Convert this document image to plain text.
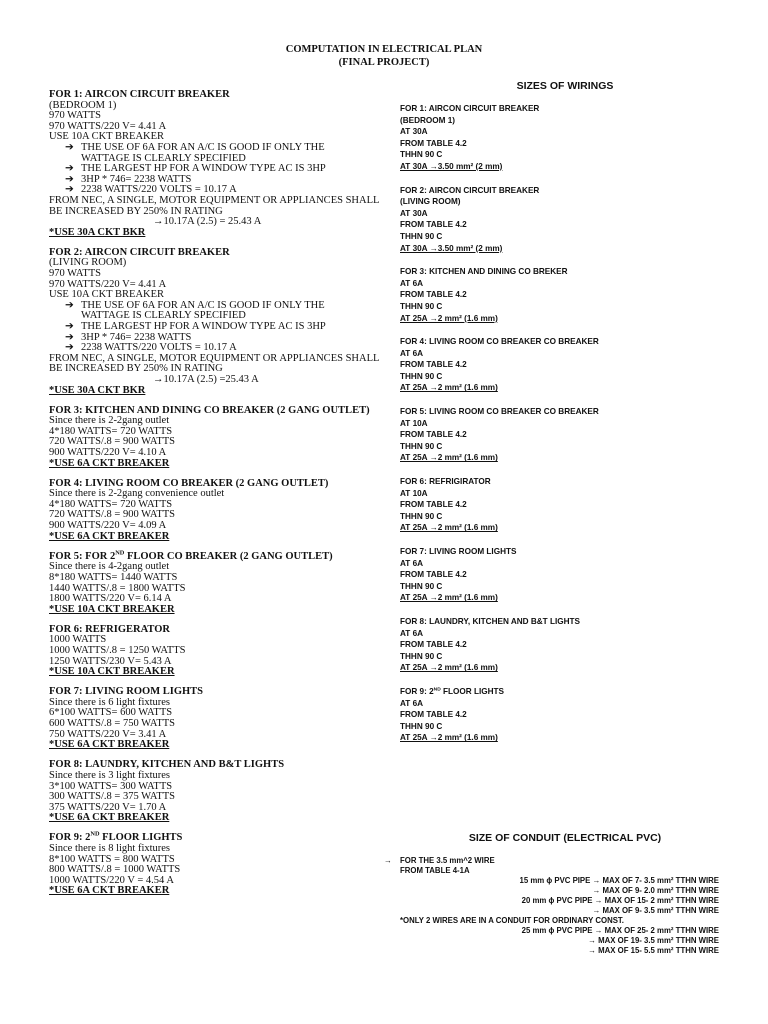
COMPUTATION IN ELECTRICAL PLAN
(FINAL PROJECT)
FOR 1: AIRCON CIRCUIT BREAKER
(BEDROOM 1)
970 WATTS
970 WATTS/220 V= 4.41 A
USE 10A CKT BREAKER
➔ THE USE OF 6A FOR AN A/C IS GOOD IF ONLY THE
WATTAGE IS CLEARLY SPECIFIED
➔ THE LARGEST HP FOR A WINDOW TYPE AC IS 3HP
➔ 3HP * 746= 2238 WATTS
➔ 2238 WATTS/220 VOLTS = 10.17 A
FROM NEC, A SINGLE, MOTOR EQUIPMENT OR APPLIANCES SHALL
BE INCREASED BY 250% IN RATING
→10.17A (2.5) = 25.43 A
*USE 30A CKT BKR
FOR 2: AIRCON CIRCUIT BREAKER
(LIVING ROOM)
970 WATTS
970 WATTS/220 V= 4.41 A
USE 10A CKT BREAKER
➔ THE USE OF 6A FOR AN A/C IS GOOD IF ONLY THE
WATTAGE IS CLEARLY SPECIFIED
➔ THE LARGEST HP FOR A WINDOW TYPE AC IS 3HP
➔ 3HP * 746= 2238 WATTS
➔ 2238 WATTS/220 VOLTS = 10.17 A
FROM NEC, A SINGLE, MOTOR EQUIPMENT OR APPLIANCES SHALL
BE INCREASED BY 250% IN RATING
→10.17A (2.5) =25.43 A
*USE 30A CKT BKR
FOR 3: KITCHEN AND DINING CO BREAKER (2 GANG OUTLET)
Since there is 2-2gang outlet
4*180 WATTS= 720 WATTS
720 WATTS/.8 = 900 WATTS
900 WATTS/220 V= 4.10 A
*USE 6A CKT BREAKER
FOR 4: LIVING ROOM CO BREAKER (2 GANG OUTLET)
Since there is 2-2gang convenience outlet
4*180 WATTS= 720 WATTS
720 WATTS/.8 = 900 WATTS
900 WATTS/220 V= 4.09 A
*USE 6A CKT BREAKER
FOR 5: FOR 2ND FLOOR CO BREAKER (2 GANG OUTLET)
Since there is 4-2gang outlet
8*180 WATTS= 1440 WATTS
1440 WATTS/.8 = 1800 WATTS
1800 WATTS/220 V= 6.14 A
*USE 10A CKT BREAKER
FOR 6: REFRIGERATOR
1000 WATTS
1000 WATTS/.8 = 1250 WATTS
1250 WATTS/230 V= 5.43 A
*USE 10A CKT BREAKER
FOR 7: LIVING ROOM LIGHTS
Since there is 6 light fixtures
6*100 WATTS= 600 WATTS
600 WATTS/.8 = 750 WATTS
750 WATTS/220 V= 3.41 A
*USE 6A CKT BREAKER
FOR 8: LAUNDRY, KITCHEN AND B&T LIGHTS
Since there is 3 light fixtures
3*100 WATTS= 300 WATTS
300 WATTS/.8 = 375 WATTS
375 WATTS/220 V= 1.70 A
*USE 6A CKT BREAKER
FOR 9: 2ND FLOOR LIGHTS
Since there is 8 light fixtures
8*100 WATTS = 800 WATTS
800 WATTS/.8 = 1000 WATTS
1000 WATTS/220 V = 4.54 A
*USE 6A CKT BREAKER
SIZES OF WIRINGS
FOR 1: AIRCON CIRCUIT BREAKER
(BEDROOM 1)
AT 30A
FROM TABLE 4.2
THHN 90 C
AT 30A →3.50 mm² (2 mm)
FOR 2: AIRCON CIRCUIT BREAKER
(LIVING ROOM)
AT 30A
FROM TABLE 4.2
THHN 90 C
AT 30A →3.50 mm² (2 mm)
FOR 3: KITCHEN AND DINING CO BREKER
AT 6A
FROM TABLE 4.2
THHN 90 C
AT 25A →2 mm² (1.6 mm)
FOR 4: LIVING ROOM CO BREAKER CO BREAKER
AT 6A
FROM TABLE 4.2
THHN 90 C
AT 25A →2 mm² (1.6 mm)
FOR 5: LIVING ROOM CO BREAKER CO BREAKER
AT 10A
FROM TABLE 4.2
THHN 90 C
AT 25A →2 mm² (1.6 mm)
FOR 6: REFRIGIRATOR
AT 10A
FROM TABLE 4.2
THHN 90 C
AT 25A →2 mm² (1.6 mm)
FOR 7: LIVING ROOM LIGHTS
AT 6A
FROM TABLE 4.2
THHN 90 C
AT 25A →2 mm² (1.6 mm)
FOR 8: LAUNDRY, KITCHEN AND B&T LIGHTS
AT 6A
FROM TABLE 4.2
THHN 90 C
AT 25A →2 mm² (1.6 mm)
FOR 9: 2ND FLOOR LIGHTS
AT 6A
FROM TABLE 4.2
THHN 90 C
AT 25A →2 mm² (1.6 mm)
SIZE OF CONDUIT (ELECTRICAL PVC)
→ FOR THE 3.5 mm^2 WIRE
FROM TABLE 4-1A
15 mm ϕ PVC PIPE → MAX OF 7- 3.5 mm² TTHN WIRE
→ MAX OF 9- 2.0 mm² TTHN WIRE
20 mm ϕ PVC PIPE → MAX OF 15- 2 mm² TTHN WIRE
→ MAX OF 9- 3.5 mm² TTHN WIRE
*ONLY 2 WIRES ARE IN A CONDUIT FOR ORDINARY CONST.
25 mm ϕ PVC PIPE → MAX OF 25- 2 mm² TTHN WIRE
→ MAX OF 19- 3.5 mm² TTHN WIRE
→ MAX OF 15- 5.5 mm² TTHN WIRE
